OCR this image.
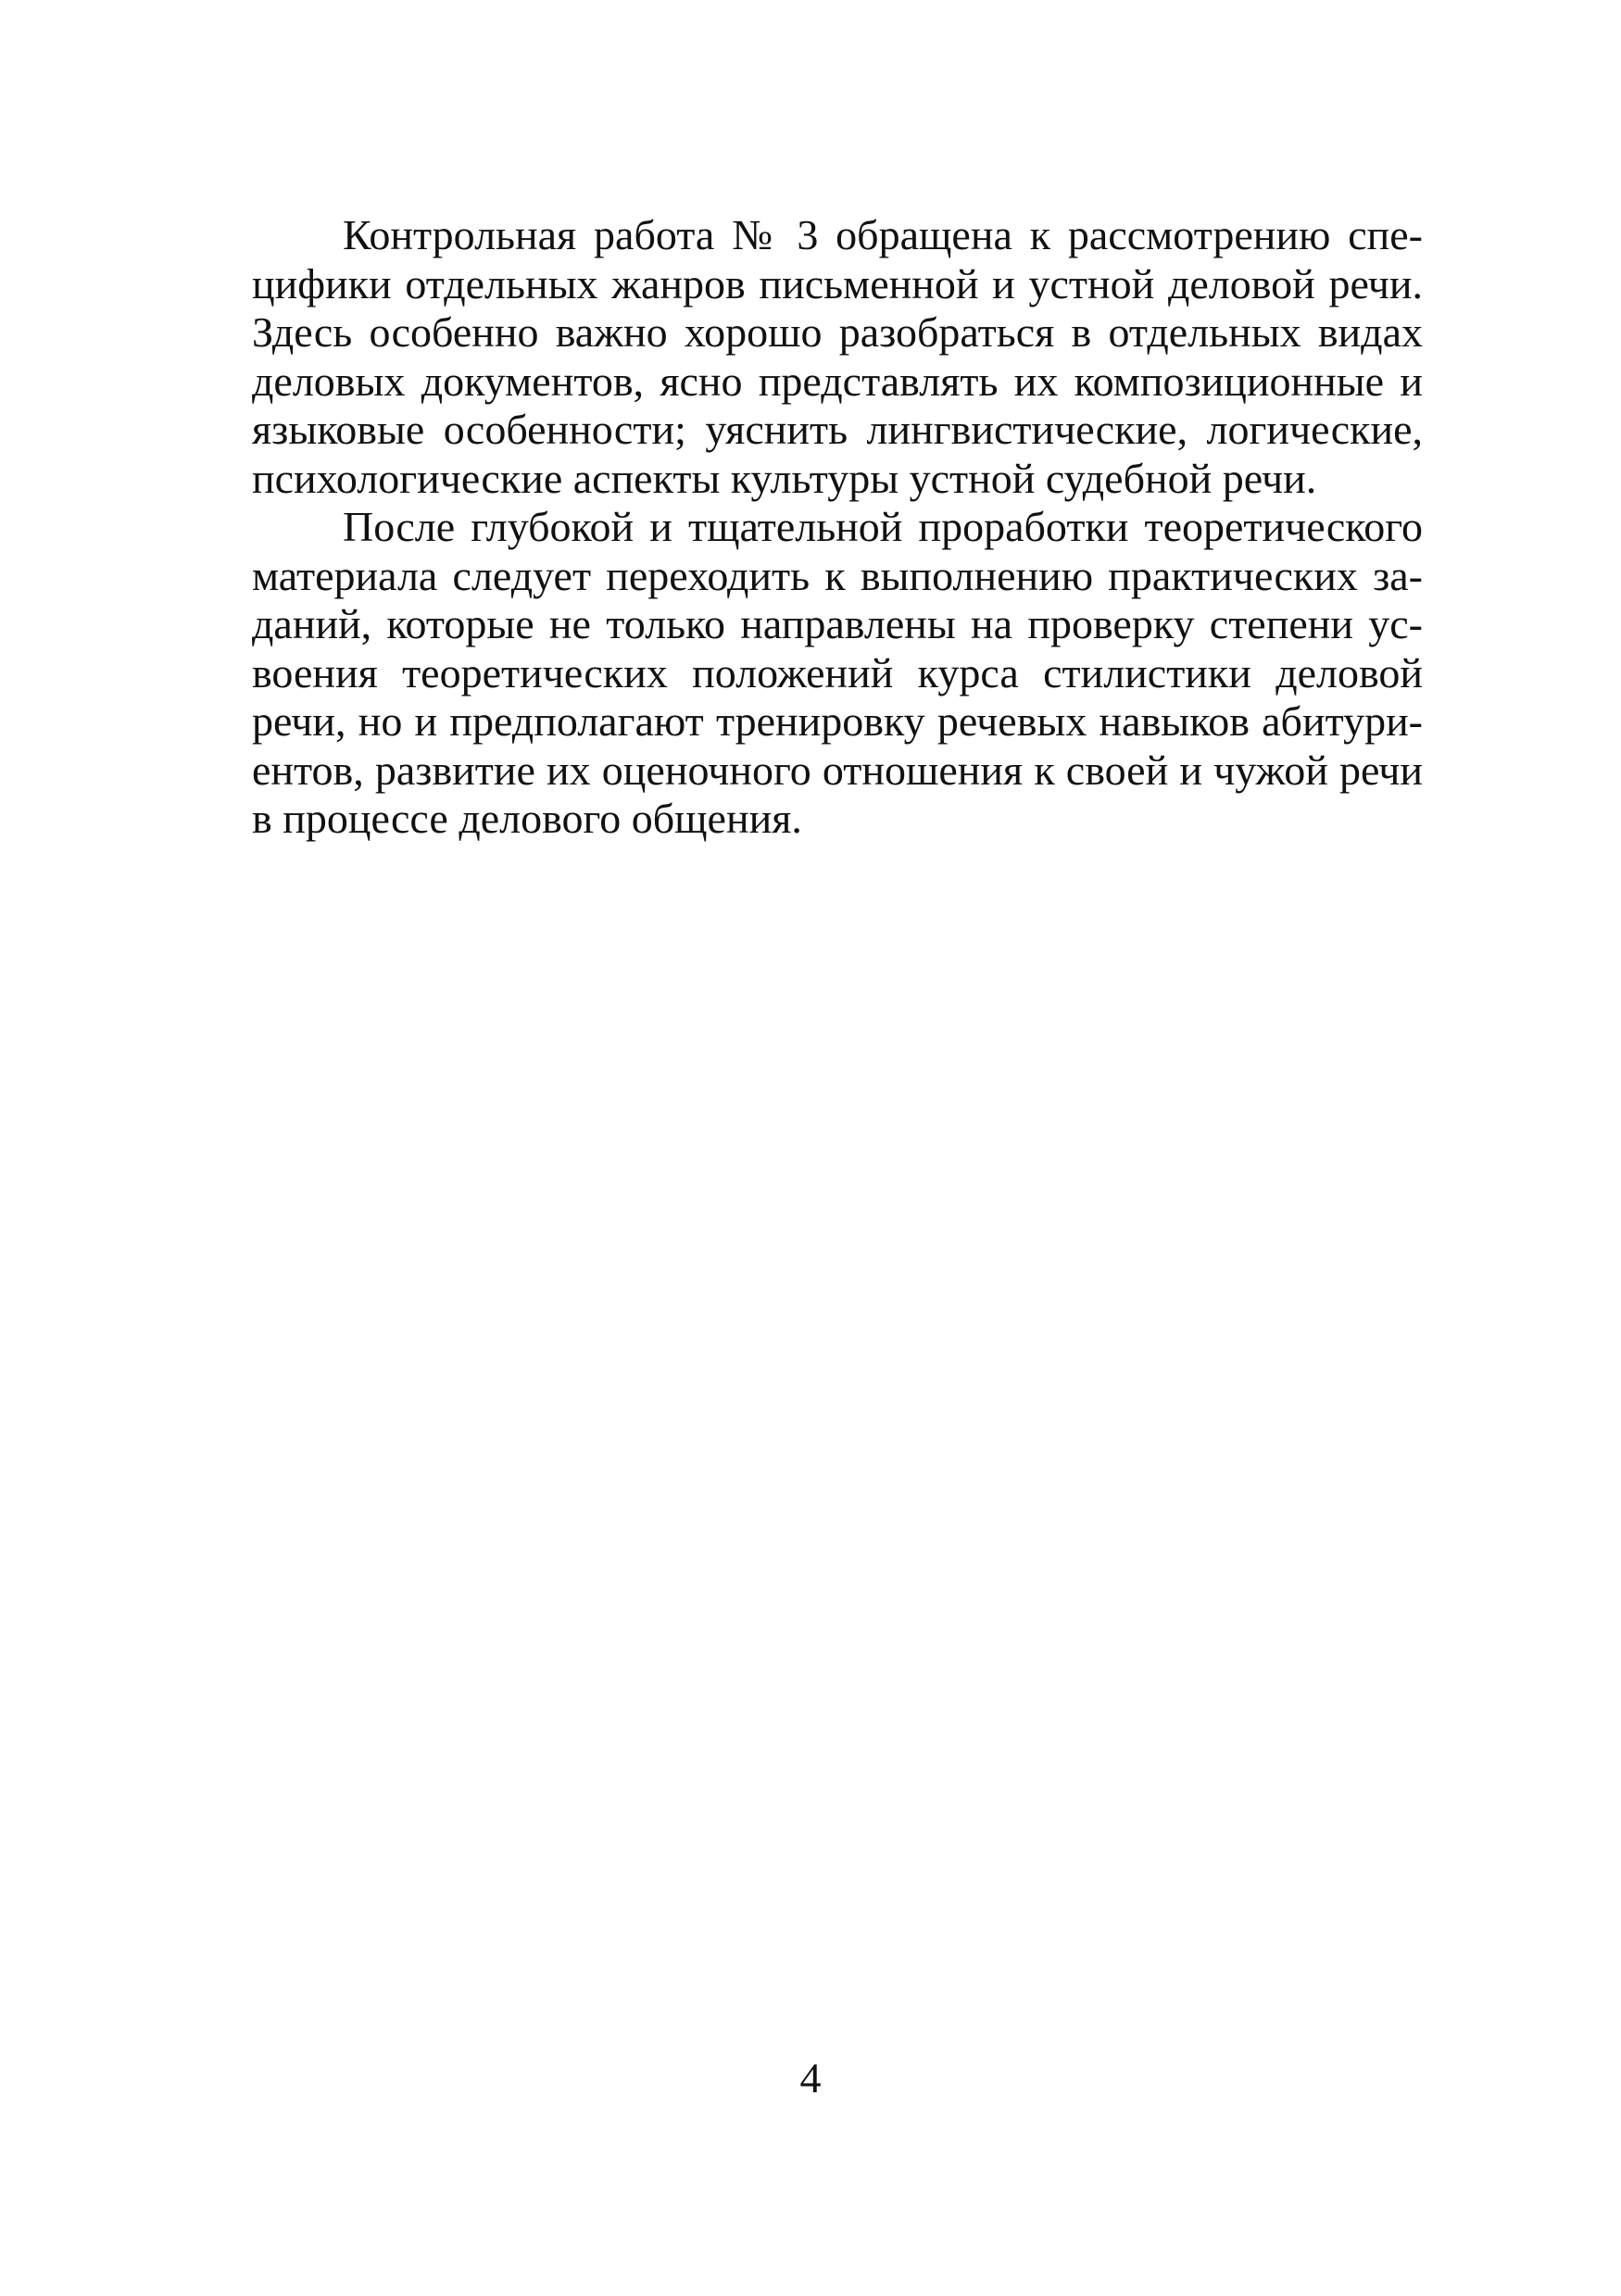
Контрольная работа № 3 обращена к рассмотрению спе-
цифики отдельных жанров письменной и устной деловой речи.
Здесь особенно важно хорошо разобраться в отдельных видах
деловых документов, ясно представлять их композиционные и
языковые особенности; уяснить лингвистические, логические,
психологические аспекты культуры устной судебной речи.
После глубокой и тщательной проработки теоретического
материала следует переходить к выполнению практических за-
даний, которые не только направлены на проверку степени ус-
воения теоретических положений курса стилистики деловой
речи, но и предполагают тренировку речевых навыков абитури-
ентов, развитие их оценочного отношения к своей и чужой речи
в процессе делового общения.
4
